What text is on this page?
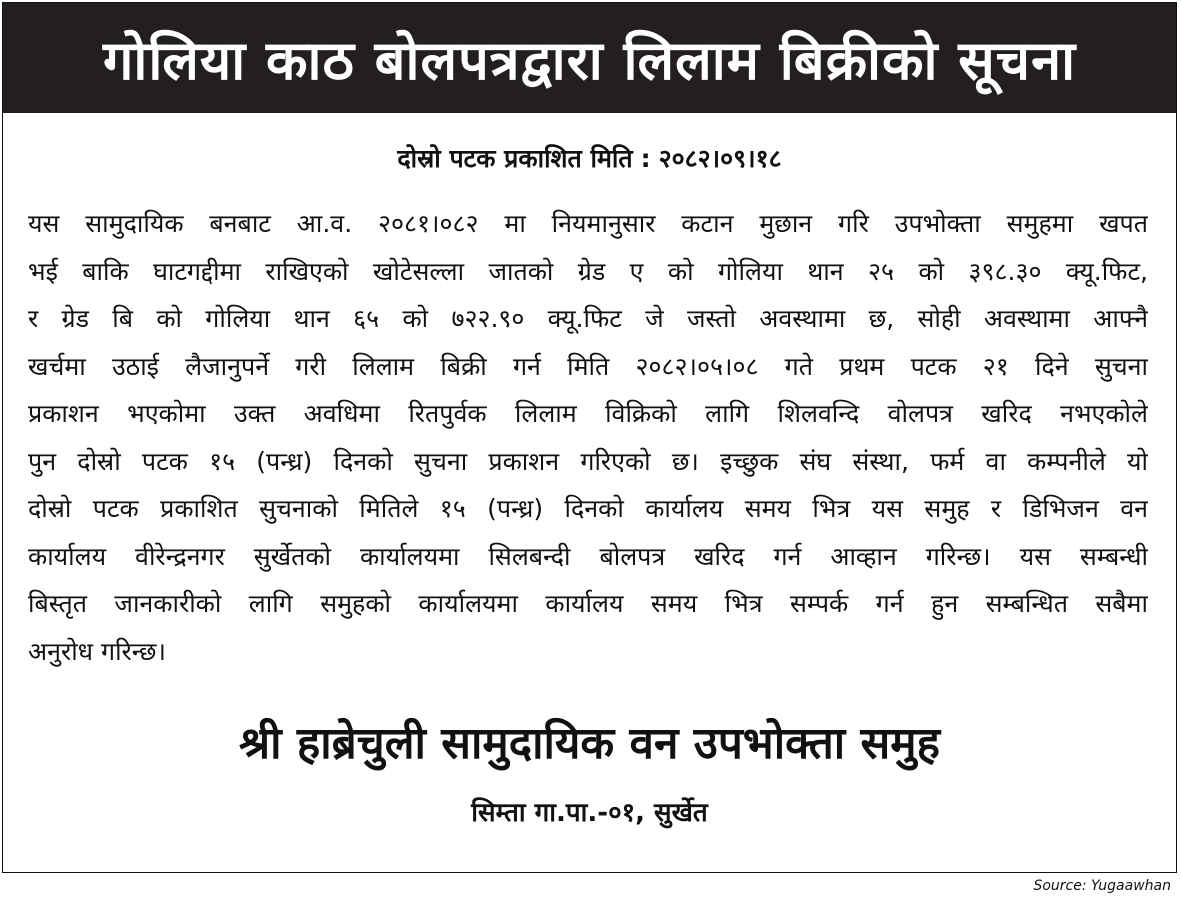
गोलिया काठ बोलपत्रद्वारा लिलाम बिक्रीको सूचना
दोस्रो पटक प्रकाशित मिति : २०८२।०९।१८
यस सामुदायिक बनबाट आ.व. २०८१।०८२ मा नियमानुसार कटान मुछान गरि उपभोक्ता समुहमा खपत
भई बाकि घाटगद्दीमा राखिएको खोटेसल्ला जातको ग्रेड ए को गोलिया थान २५ को ३९८.३० क्यू.फिट,
र ग्रेड बि को गोलिया थान ६५ को ७२२.९० क्यू.फिट जे जस्तो अवस्थामा छ, सोही अवस्थामा आफ्नै
खर्चमा उठाई लैजानुपर्ने गरी लिलाम बिक्री गर्न मिति २०८२।०५।०८ गते प्रथम पटक २१ दिने सुचना
प्रकाशन भएकोमा उक्त अवधिमा रितपुर्वक लिलाम विक्रिको लागि शिलवन्दि वोलपत्र खरिद नभएकोले
पुन दोस्रो पटक १५ (पन्ध्र) दिनको सुचना प्रकाशन गरिएको छ। इच्छुक संघ संस्था, फर्म वा कम्पनीले यो
दोस्रो पटक प्रकाशित सुचनाको मितिले १५ (पन्ध्र) दिनको कार्यालय समय भित्र यस समुह र डिभिजन वन
कार्यालय वीरेन्द्रनगर सुर्खेतको कार्यालयमा सिलबन्दी बोलपत्र खरिद गर्न आव्हान गरिन्छ। यस सम्बन्धी
बिस्तृत जानकारीको लागि समुहको कार्यालयमा कार्यालय समय भित्र सम्पर्क गर्न हुन सम्बन्धित सबैमा
अनुरोध गरिन्छ।
श्री हाब्रेचुली सामुदायिक वन उपभोक्ता समुह
सिम्ता गा.पा.-०१, सुर्खेत
Source: Yugaawhan
